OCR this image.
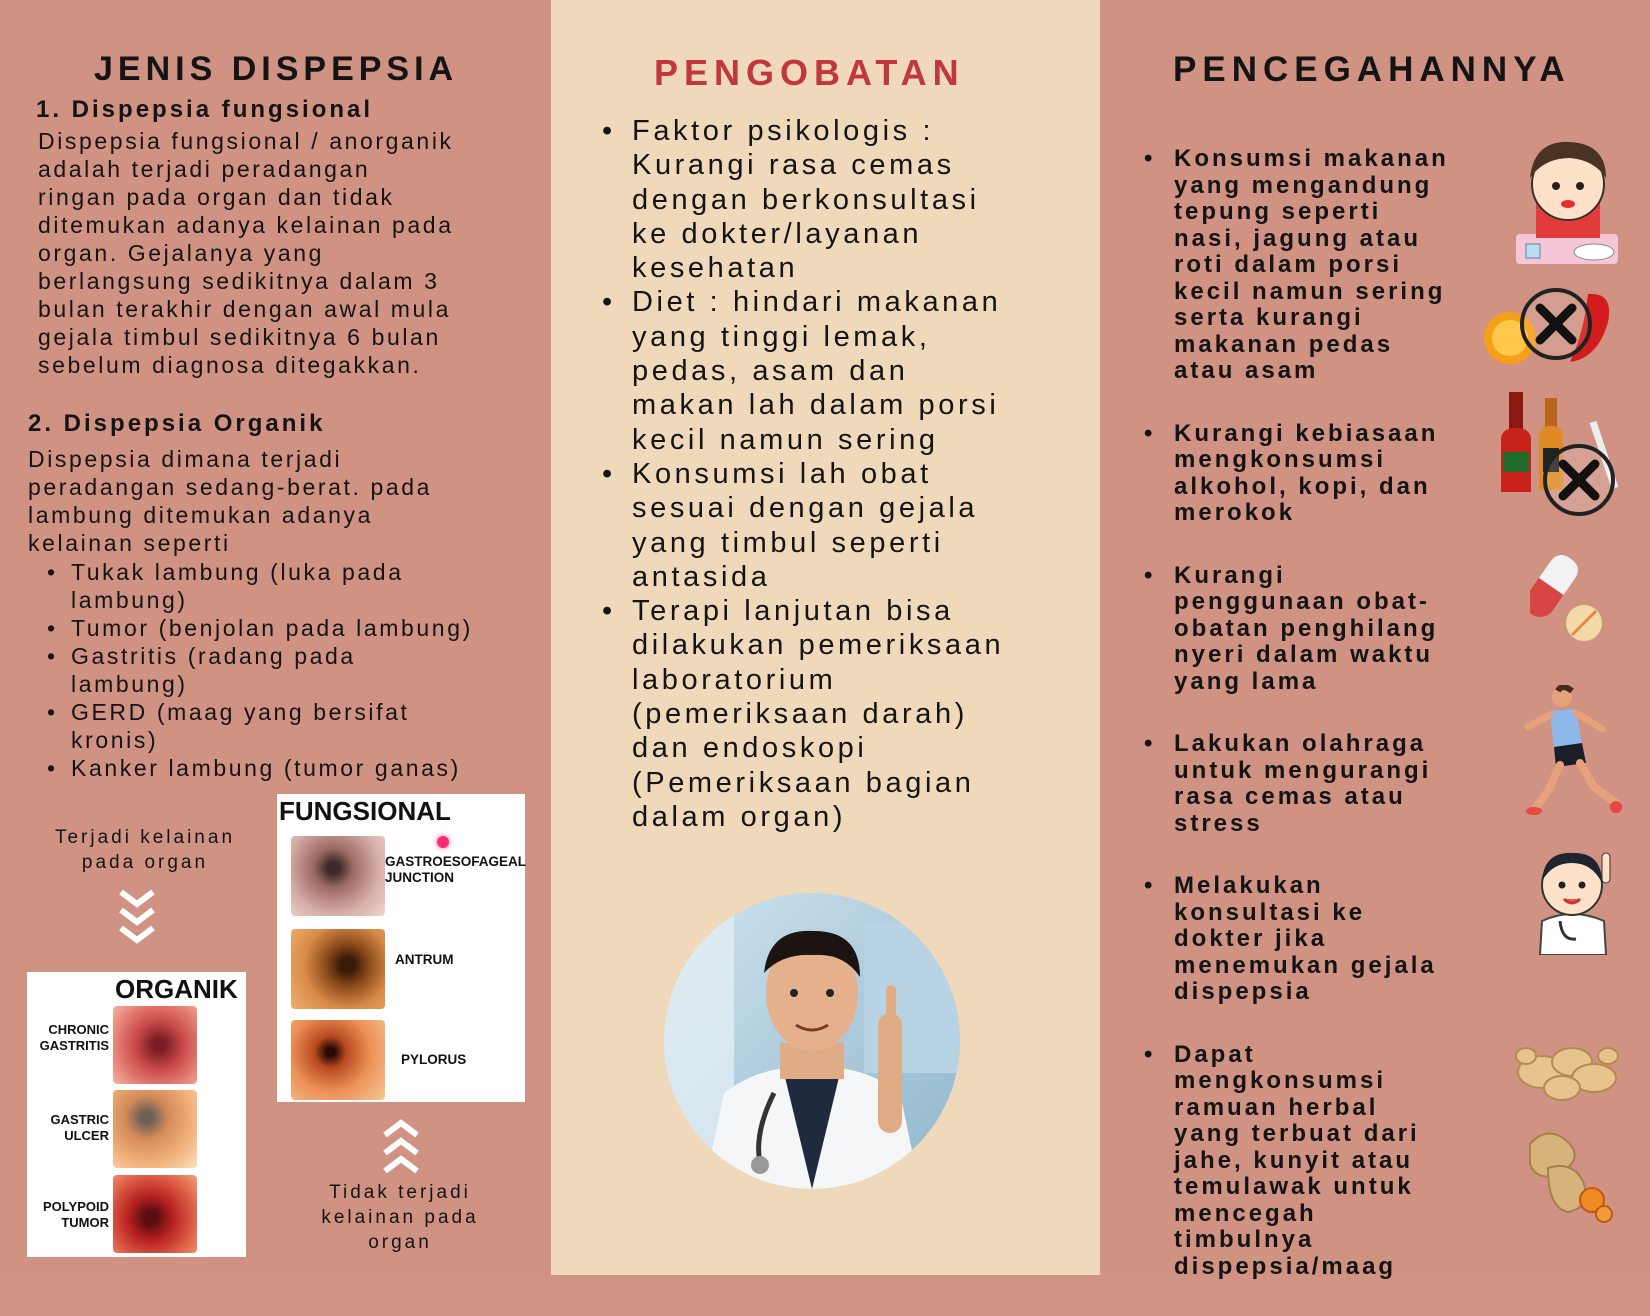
JENIS DISPEPSIA
1. Dispepsia fungsional
Dispepsia fungsional / anorganik
adalah terjadi peradangan
ringan pada organ dan tidak
ditemukan adanya kelainan pada
organ. Gejalanya yang
berlangsung sedikitnya dalam 3
bulan terakhir dengan awal mula
gejala timbul sedikitnya 6 bulan
sebelum diagnosa ditegakkan.
2. Dispepsia Organik
Dispepsia dimana terjadi
peradangan sedang-berat. pada
lambung ditemukan adanya
kelainan seperti
• Tukak lambung (luka pada
lambung)
• Tumor (benjolan pada lambung)
• Gastritis (radang pada
lambung)
• GERD (maag yang bersifat
kronis)
• Kanker lambung (tumor ganas)
Terjadi kelainan
pada organ
ORGANIK
CHRONIC
GASTRITIS
GASTRIC
ULCER
POLYPOID
TUMOR
FUNGSIONAL
GASTROESOFAGEAL
JUNCTION
ANTRUM
PYLORUS
Tidak terjadi
kelainan pada
organ
PENGOBATAN
• Faktor psikologis :
Kurangi rasa cemas
dengan berkonsultasi
ke dokter/layanan
kesehatan
• Diet : hindari makanan
yang tinggi lemak,
pedas, asam dan
makan lah dalam porsi
kecil namun sering
• Konsumsi lah obat
sesuai dengan gejala
yang timbul seperti
antasida
• Terapi lanjutan bisa
dilakukan pemeriksaan
laboratorium
(pemeriksaan darah)
dan endoskopi
(Pemeriksaan bagian
dalam organ)
PENCEGAHANNYA
• Konsumsi makanan
yang mengandung
tepung seperti
nasi, jagung atau
roti dalam porsi
kecil namun sering
serta kurangi
makanan pedas
atau asam
• Kurangi kebiasaan
mengkonsumsi
alkohol, kopi, dan
merokok
• Kurangi
penggunaan obat-
obatan penghilang
nyeri dalam waktu
yang lama
• Lakukan olahraga
untuk mengurangi
rasa cemas atau
stress
• Melakukan
konsultasi ke
dokter jika
menemukan gejala
dispepsia
• Dapat
mengkonsumsi
ramuan herbal
yang terbuat dari
jahe, kunyit atau
temulawak untuk
mencegah
timbulnya
dispepsia/maag
